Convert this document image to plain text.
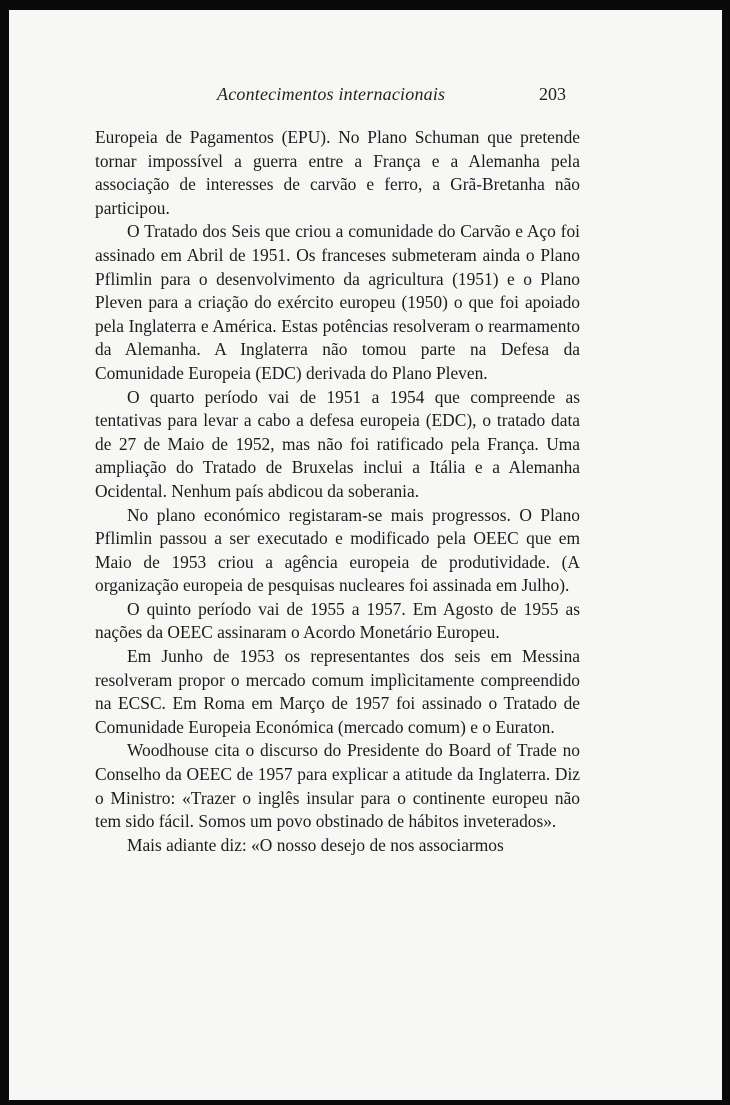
Acontecimentos internacionais	203

Europeia de Pagamentos (EPU). No Plano Schuman que pretende tornar impossível a guerra entre a França e a Alemanha pela associação de interesses de carvão e ferro, a Grã-Bretanha não participou.

O Tratado dos Seis que criou a comunidade do Carvão e Aço foi assinado em Abril de 1951. Os franceses submeteram ainda o Plano Pflimlin para o desenvolvimento da agricultura (1951) e o Plano Pleven para a criação do exército europeu (1950) o que foi apoiado pela Inglaterra e América. Estas potências resolveram o rearmamento da Alemanha. A Inglaterra não tomou parte na Defesa da Comunidade Europeia (EDC) derivada do Plano Pleven.

O quarto período vai de 1951 a 1954 que compreende as tentativas para levar a cabo a defesa europeia (EDC), o tratado data de 27 de Maio de 1952, mas não foi ratificado pela França. Uma ampliação do Tratado de Bruxelas inclui a Itália e a Alemanha Ocidental. Nenhum país abdicou da soberania.

No plano económico registaram-se mais progressos. O Plano Pflimlin passou a ser executado e modificado pela OEEC que em Maio de 1953 criou a agência europeia de produtividade. (A organização europeia de pesquisas nucleares foi assinada em Julho).

O quinto período vai de 1955 a 1957. Em Agosto de 1955 as nações da OEEC assinaram o Acordo Monetário Europeu.

Em Junho de 1953 os representantes dos seis em Messina resolveram propor o mercado comum implìcitamente compreendido na ECSC. Em Roma em Março de 1957 foi assinado o Tratado de Comunidade Europeia Económica (mercado comum) e o Euraton.

Woodhouse cita o discurso do Presidente do Board of Trade no Conselho da OEEC de 1957 para explicar a atitude da Inglaterra. Diz o Ministro: «Trazer o inglês insular para o continente europeu não tem sido fácil. Somos um povo obstinado de hábitos inveterados».

Mais adiante diz: «O nosso desejo de nos associarmos
